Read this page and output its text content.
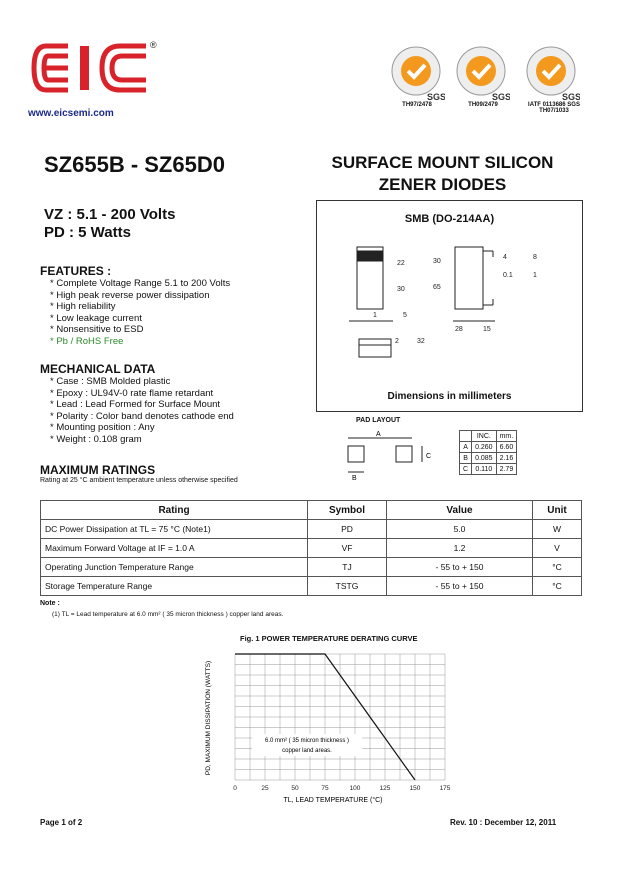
®
www.eicsemi.com
SGS
TH97/2478
SGS
TH09/2479
SGS
IATF 0113686 SGS TH07/1033
SZ655B - SZ65D0	SURFACE MOUNT SILICON
ZENER DIODES
VZ : 5.1 - 200 Volts
PD : 5 Watts
FEATURES :
* Complete Voltage Range 5.1 to 200 Volts
* High peak reverse power dissipation
* High reliability
* Low leakage current
* Nonsensitive to ESD
* Pb / RoHS Free
MECHANICAL DATA
* Case : SMB Molded plastic
* Epoxy : UL94V-0 rate flame retardant
* Lead : Lead Formed for Surface Mount
* Polarity : Color band denotes cathode end
* Mounting position : Any
* Weight : 0.108 gram
MAXIMUM RATINGS
Rating at 25 °C ambient temperature unless otherwise specified
SMB (DO-214AA)
22
30
30
65
4	8
0.1	1
1	5
28	15
2	32
Dimensions in millimeters
PAD LAYOUT
A
C
B
	INC.	mm.
A	0.260	6.60
B	0.085	2.16
C	0.110	2.79
Rating	Symbol	Value	Unit
DC Power Dissipation at TL = 75 °C (Note1)	PD	5.0	W
Maximum Forward Voltage at IF = 1.0 A	VF	1.2	V
Operating Junction Temperature Range	TJ	- 55 to + 150	°C
Storage Temperature Range	TSTG	- 55 to + 150	°C
Note :
(1) TL = Lead temperature at 6.0 mm² ( 35 micron thickness ) copper land areas.
Fig. 1 POWER TEMPERATURE DERATING CURVE
0	25	50	75	100	125	150	175
6.0 mm² ( 35 micron thickness )
copper land areas.
TL, LEAD TEMPERATURE (°C)
PD, MAXIMUM DISSIPATION (WATTS)
Page 1 of 2	Rev. 10 : December 12, 2011
